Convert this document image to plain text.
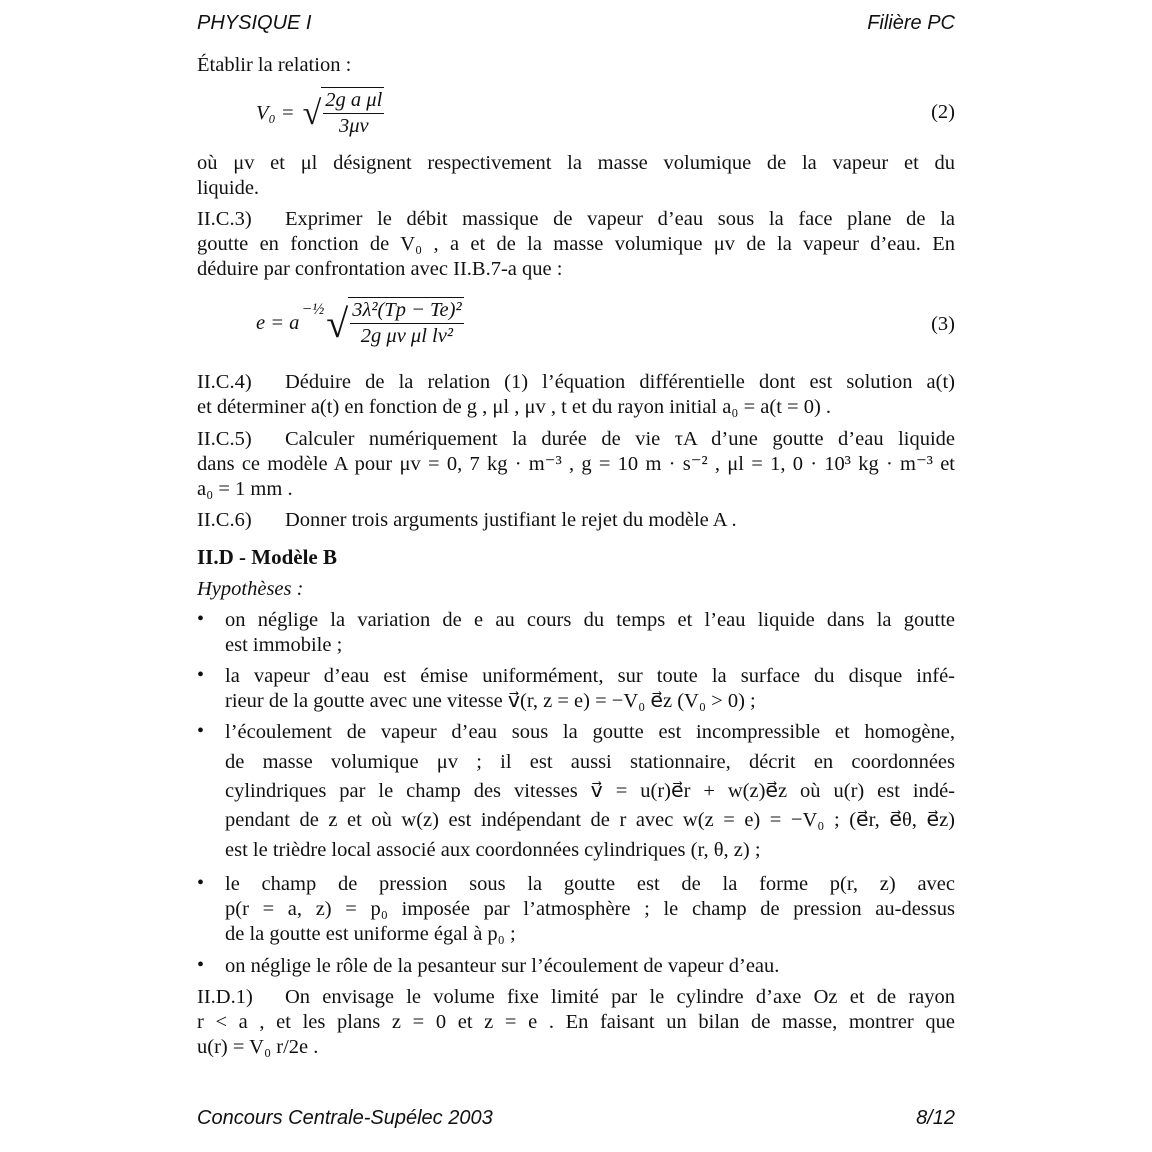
PHYSIQUE I	Filière PC
Établir la relation :
V₀ = √ $\frac{\text{2g a μl}}{3\mu v}$	(2)
où μv et μl désignent respectivement la masse volumique de la vapeur et du
liquide.
II.C.3) Exprimer le débit massique de vapeur d’eau sous la face plane de la
goutte en fonction de V₀ , a et de la masse volumique μv de la vapeur d’eau. En
déduire par confrontation avec II.B.7-a que :
e = a
−½ √ $\frac{\text{3λ²(Tp − Te)²}}{\text{2g μv μl lv²}}$	(3)
II.C.4) Déduire de la relation (1) l’équation différentielle dont est solution a(t)
et déterminer a(t) en fonction de g , μl , μv , t et du rayon initial a₀ = a(t = 0) .
II.C.5) Calculer numériquement la durée de vie τA d’une goutte d’eau liquide
dans ce modèle A pour μv = 0, 7 kg · m⁻³ , g = 10 m · s⁻² , μl = 1, 0 · 10³ kg · m⁻³ et
a₀ = 1 mm .
II.C.6) Donner trois arguments justifiant le rejet du modèle A .
II.D - Modèle B
Hypothèses :
• on néglige la variation de e au cours du temps et l’eau liquide dans la goutte
est immobile ;
• la vapeur d’eau est émise uniformément, sur toute la surface du disque infé-
rieur de la goutte avec une vitesse v⃗(r, z = e) = −V₀ e⃗z (V₀ > 0) ;
• l’écoulement de vapeur d’eau sous la goutte est incompressible et homogène,
de masse volumique μv ; il est aussi stationnaire, décrit en coordonnées
cylindriques par le champ des vitesses v⃗ = u(r)e⃗r + w(z)e⃗z où u(r) est indé-
pendant de z et où w(z) est indépendant de r avec w(z = e) = −V₀ ; (e⃗r, e⃗θ, e⃗z)
est le trièdre local associé aux coordonnées cylindriques (r, θ, z) ;
• le champ de pression sous la goutte est de la forme p(r, z) avec
p(r = a, z) = p₀ imposée par l’atmosphère ; le champ de pression au-dessus
de la goutte est uniforme égal à p₀ ;
• on néglige le rôle de la pesanteur sur l’écoulement de vapeur d’eau.
II.D.1) On envisage le volume fixe limité par le cylindre d’axe Oz et de rayon
r < a , et les plans z = 0 et z = e . En faisant un bilan de masse, montrer que
u(r) = V₀ r/2e .
Concours Centrale-Supélec 2003	8/12
